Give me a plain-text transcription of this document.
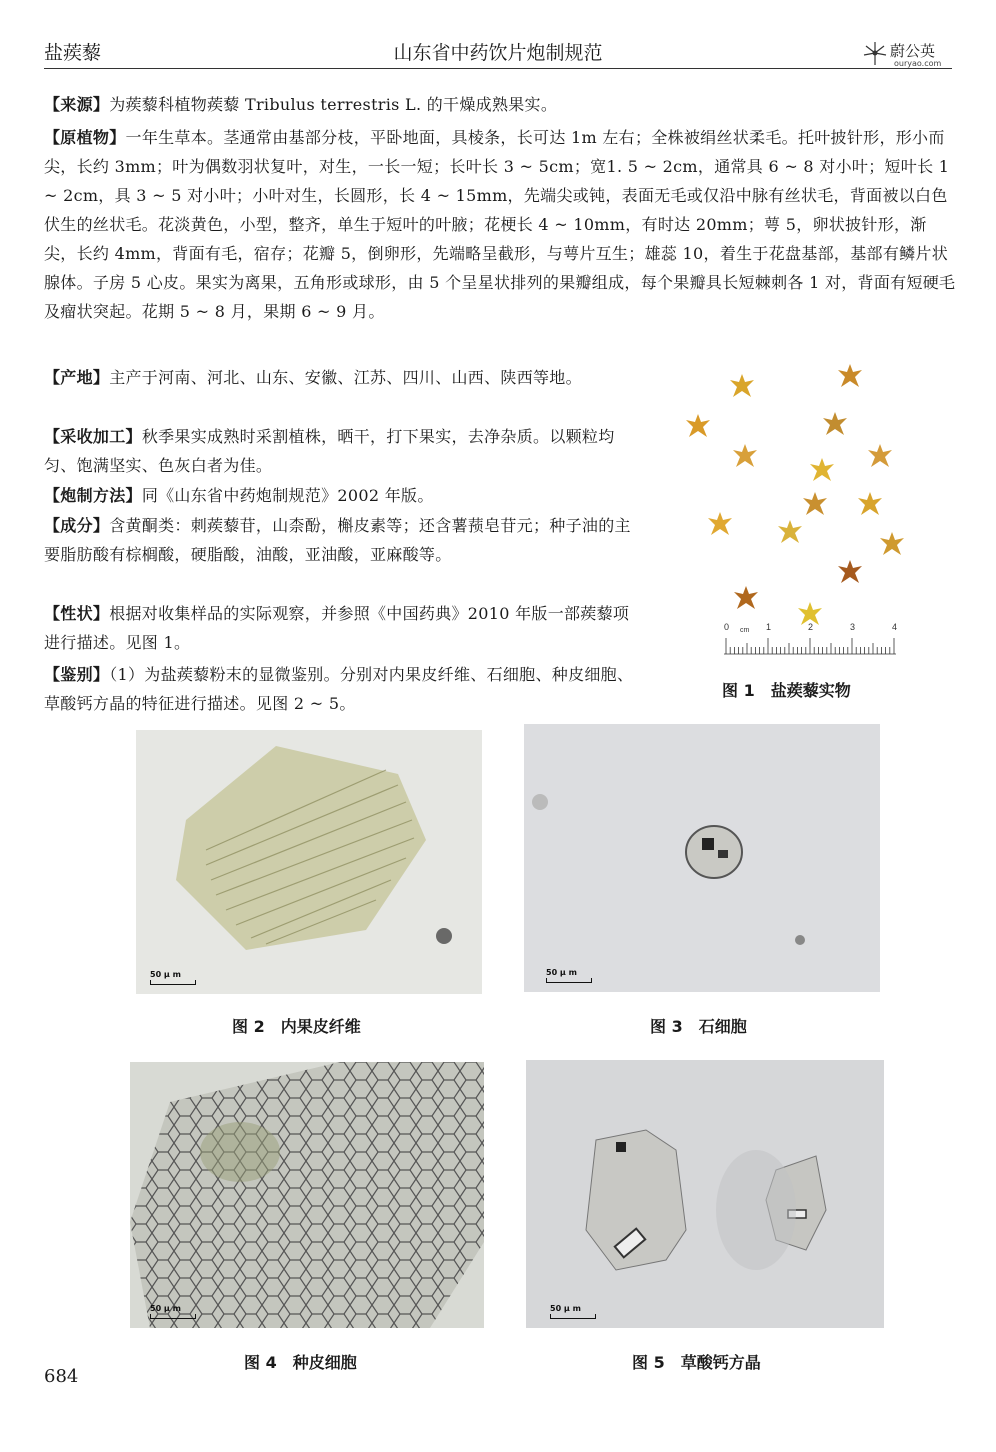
盐蒺藜	山东省中药饮片炮制规范	蔚公英
ouryao.com

【来源】为蒺藜科植物蒺藜 Tribulus terrestris L. 的干燥成熟果实。

【原植物】一年生草本。茎通常由基部分枝，平卧地面，具棱条，长可达 1m 左右；全株被绢丝状柔毛。托叶披针形，形小而尖，长约 3mm；叶为偶数羽状复叶，对生，一长一短；长叶长 3 ~ 5cm；宽1. 5 ~ 2cm，通常具 6 ~ 8 对小叶；短叶长 1 ~ 2cm，具 3 ~ 5 对小叶；小叶对生，长圆形，长 4 ~ 15mm，先端尖或钝，表面无毛或仅沿中脉有丝状毛，背面被以白色伏生的丝状毛。花淡黄色，小型，整齐，单生于短叶的叶腋；花梗长 4 ~ 10mm，有时达 20mm；萼 5，卵状披针形，渐尖，长约 4mm，背面有毛，宿存；花瓣 5，倒卵形，先端略呈截形，与萼片互生；雄蕊 10，着生于花盘基部，基部有鳞片状腺体。子房 5 心皮。果实为离果，五角形或球形，由 5 个呈星状排列的果瓣组成，每个果瓣具长短棘刺各 1 对，背面有短硬毛及瘤状突起。花期 5 ~ 8 月，果期 6 ~ 9 月。

【产地】主产于河南、河北、山东、安徽、江苏、四川、山西、陕西等地。

【采收加工】秋季果实成熟时采割植株，晒干，打下果实，去净杂质。以颗粒均匀、饱满坚实、色灰白者为佳。

【炮制方法】同《山东省中药炮制规范》2002 年版。

【成分】含黄酮类：刺蒺藜苷，山柰酚，槲皮素等；还含薯蓣皂苷元；种子油的主要脂肪酸有棕榈酸，硬脂酸，油酸，亚油酸，亚麻酸等。

【性状】根据对收集样品的实际观察，并参照《中国药典》2010 年版一部蒺藜项进行描述。见图 1。

【鉴别】（1）为盐蒺藜粉末的显微鉴别。分别对内果皮纤维、石细胞、种皮细胞、草酸钙方晶的特征进行描述。见图 2 ~ 5。

0 cm 1	2	3	4
图 1　盐蒺藜实物
50 μ m
图 2　内果皮纤维
50 μ m
图 3　石细胞
50 μ m
图 4　种皮细胞
50 μ m
图 5　草酸钙方晶
684
